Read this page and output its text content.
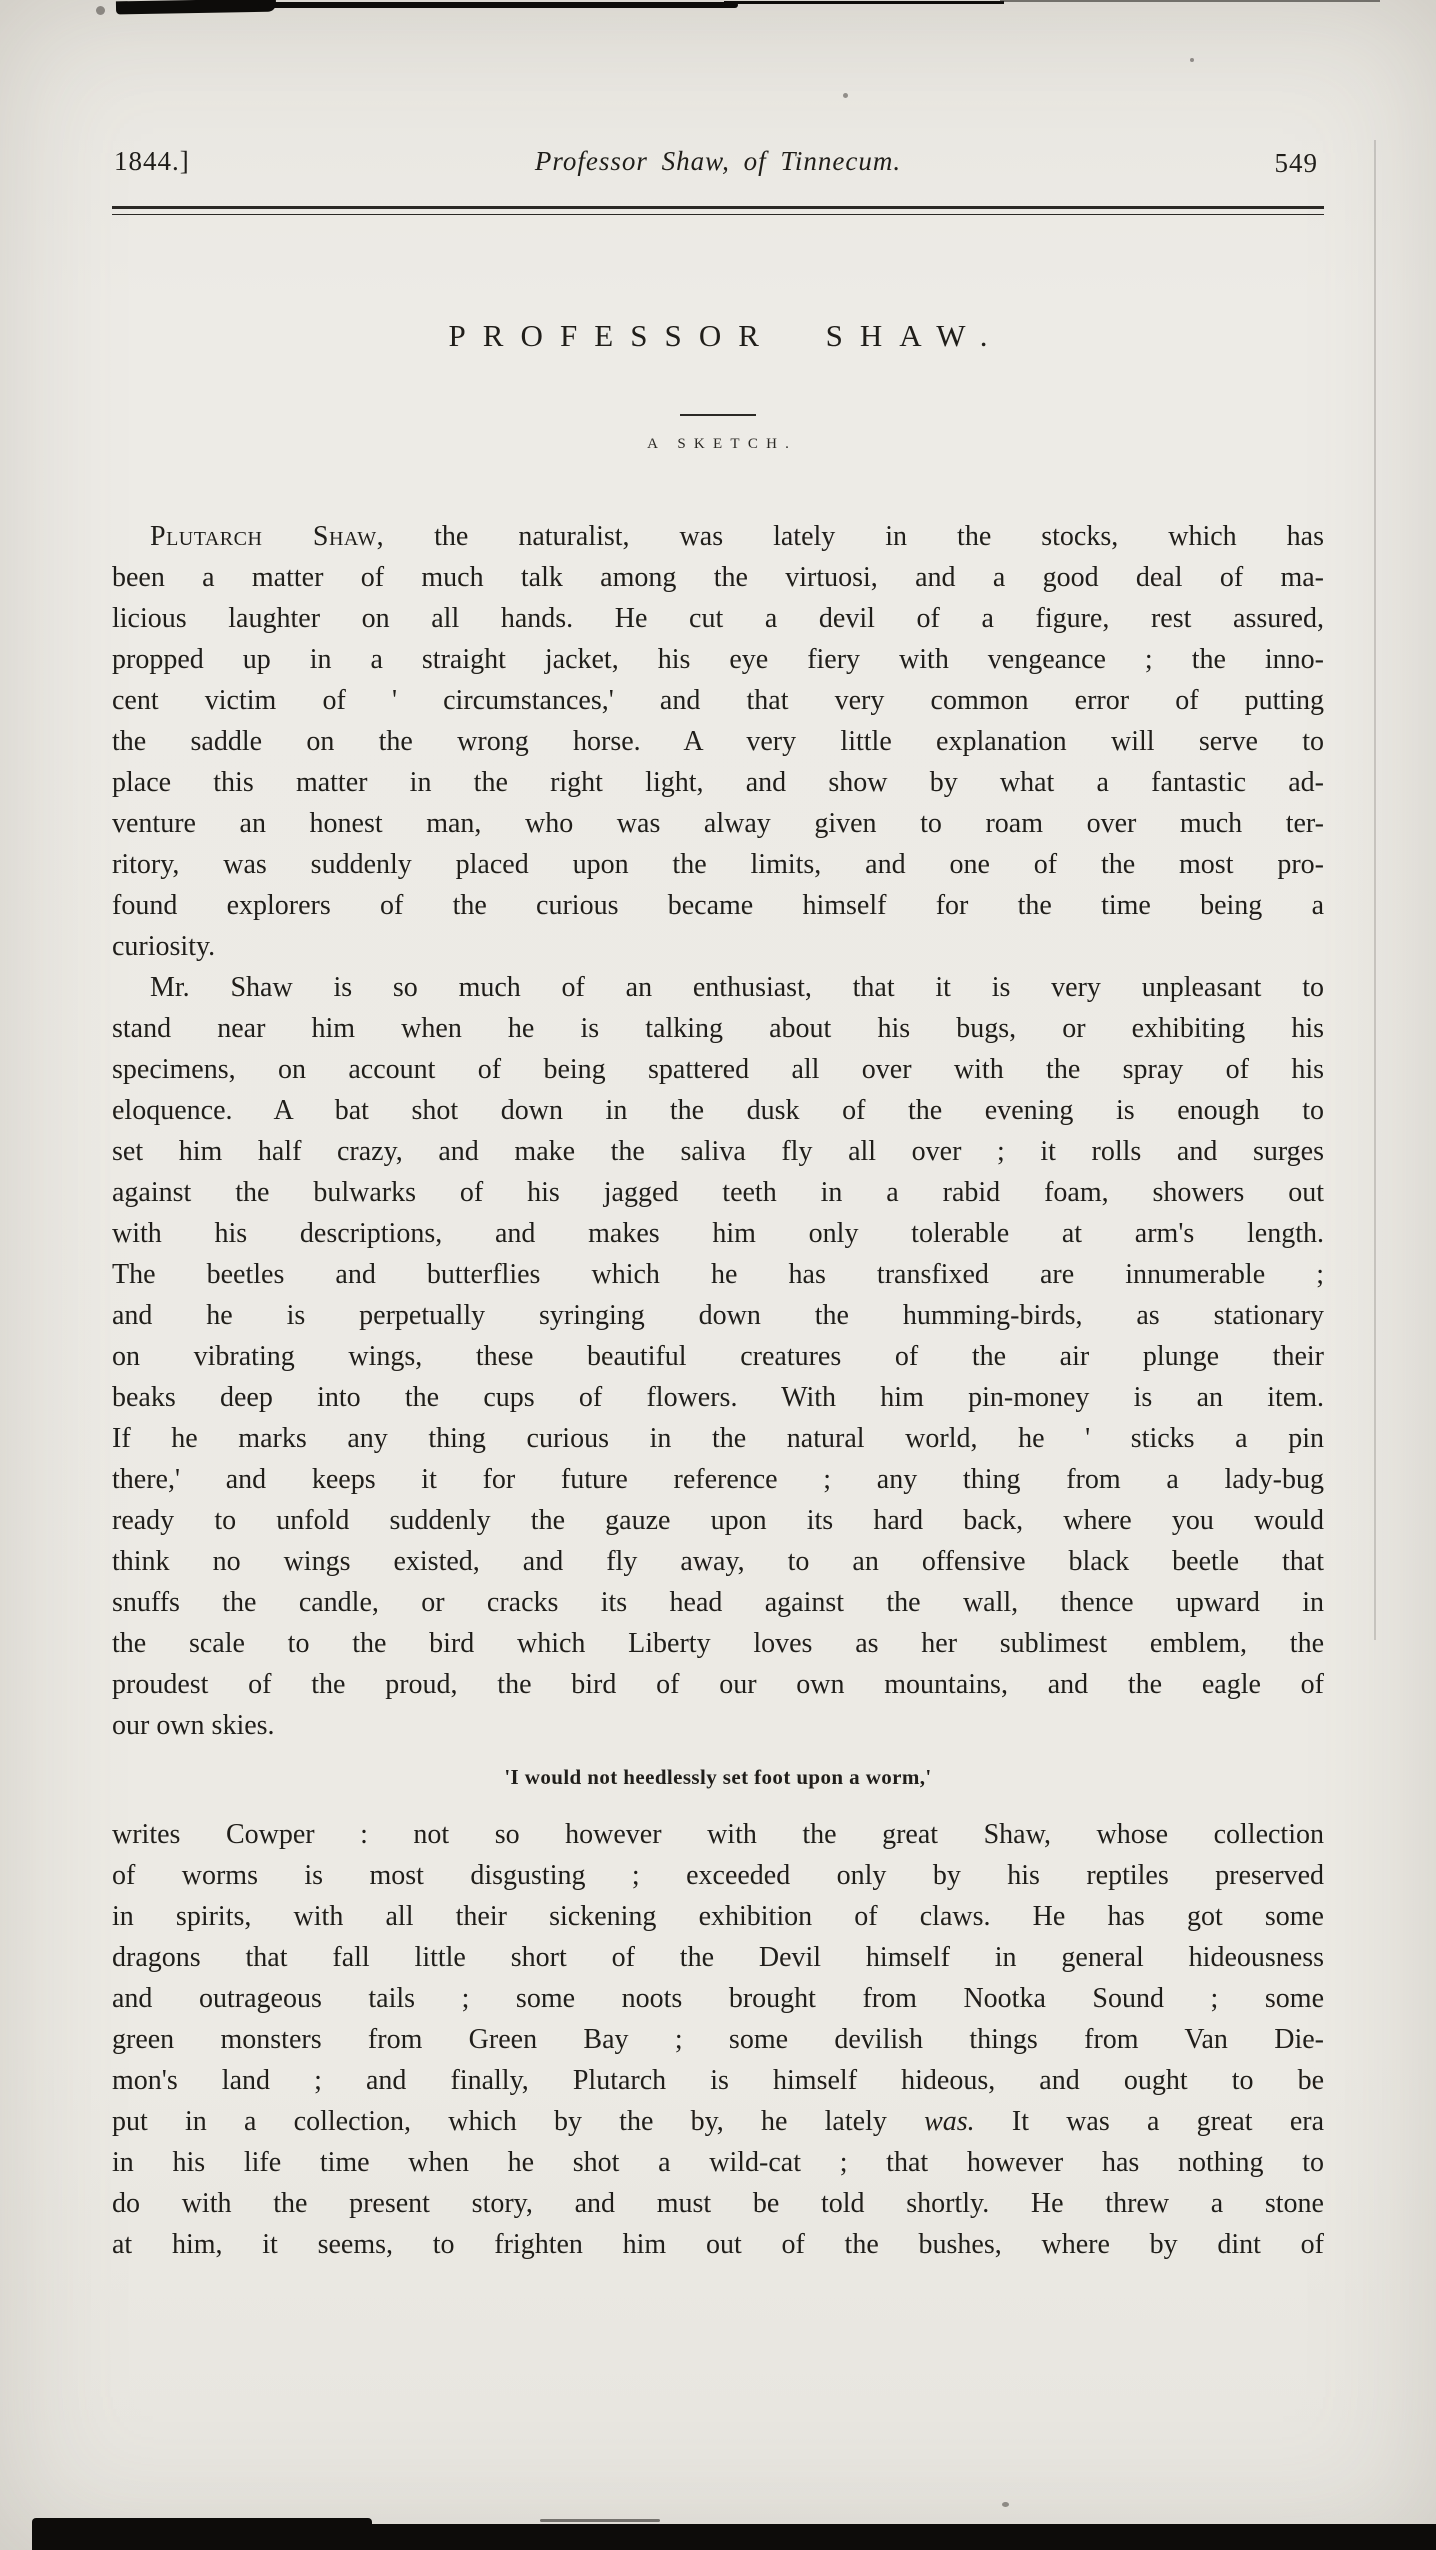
1844.]	Professor Shaw, of Tinnecum.	549
PROFESSOR SHAW.
A SKETCH.
Plutarch Shaw, the naturalist, was lately in the stocks, which has
been a matter of much talk among the virtuosi, and a good deal of ma-
licious laughter on all hands. He cut a devil of a figure, rest assured,
propped up in a straight jacket, his eye fiery with vengeance ; the inno-
cent victim of ' circumstances,' and that very common error of putting
the saddle on the wrong horse. A very little explanation will serve to
place this matter in the right light, and show by what a fantastic ad-
venture an honest man, who was alway given to roam over much ter-
ritory, was suddenly placed upon the limits, and one of the most pro-
found explorers of the curious became himself for the time being a
curiosity.
Mr. Shaw is so much of an enthusiast, that it is very unpleasant to
stand near him when he is talking about his bugs, or exhibiting his
specimens, on account of being spattered all over with the spray of his
eloquence. A bat shot down in the dusk of the evening is enough to
set him half crazy, and make the saliva fly all over ; it rolls and surges
against the bulwarks of his jagged teeth in a rabid foam, showers out
with his descriptions, and makes him only tolerable at arm's length.
The beetles and butterflies which he has transfixed are innumerable ;
and he is perpetually syringing down the humming-birds, as stationary
on vibrating wings, these beautiful creatures of the air plunge their
beaks deep into the cups of flowers. With him pin-money is an item.
If he marks any thing curious in the natural world, he ' sticks a pin
there,' and keeps it for future reference ; any thing from a lady-bug
ready to unfold suddenly the gauze upon its hard back, where you would
think no wings existed, and fly away, to an offensive black beetle that
snuffs the candle, or cracks its head against the wall, thence upward in
the scale to the bird which Liberty loves as her sublimest emblem, the
proudest of the proud, the bird of our own mountains, and the eagle of
our own skies.
'I would not heedlessly set foot upon a worm,'
writes Cowper : not so however with the great Shaw, whose collection
of worms is most disgusting ; exceeded only by his reptiles preserved
in spirits, with all their sickening exhibition of claws. He has got some
dragons that fall little short of the Devil himself in general hideousness
and outrageous tails ; some noots brought from Nootka Sound ; some
green monsters from Green Bay ; some devilish things from Van Die-
mon's land ; and finally, Plutarch is himself hideous, and ought to be
put in a collection, which by the by, he lately was. It was a great era
in his life time when he shot a wild-cat ; that however has nothing to
do with the present story, and must be told shortly. He threw a stone
at him, it seems, to frighten him out of the bushes, where by dint of
